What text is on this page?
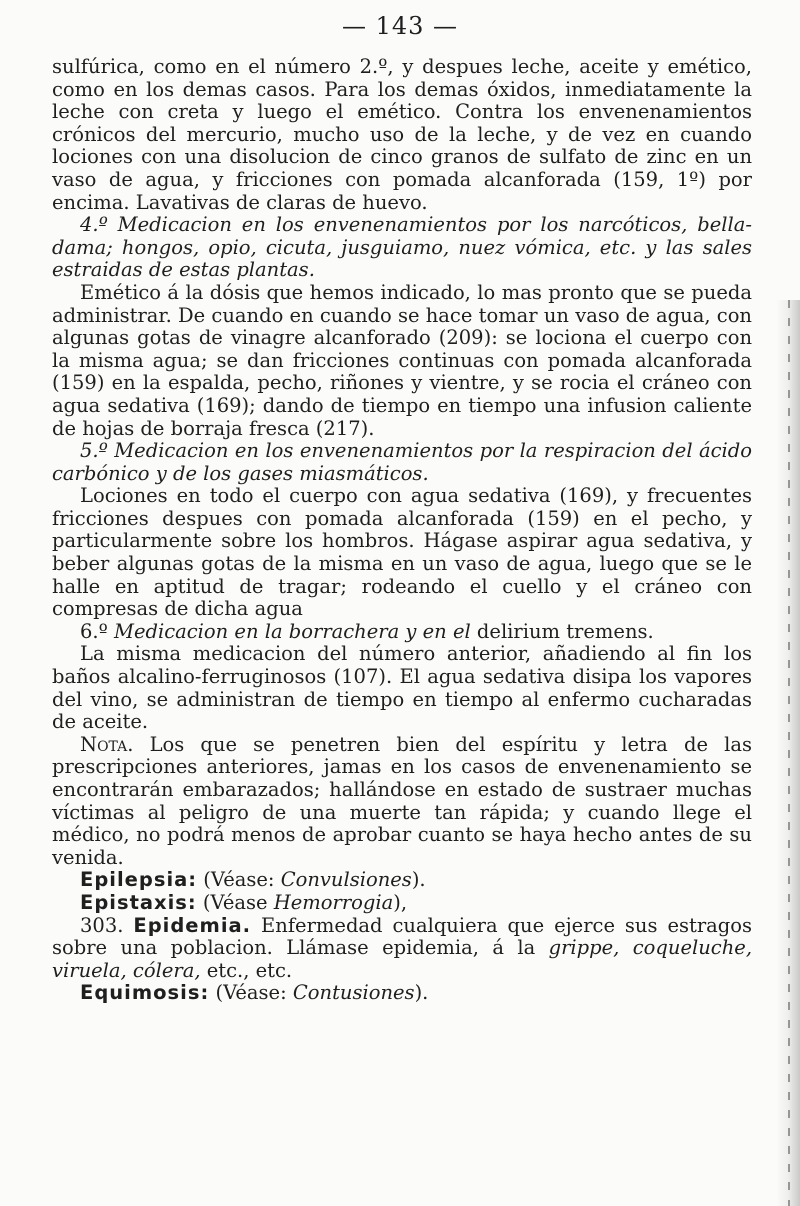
— 143 —

sulfúrica, como en el número 2.º, y despues leche, aceite y emético, como en los demas casos. Para los demas óxidos, inmediatamente la leche con creta y luego el emético. Contra los envenenamientos crónicos del mercurio, mucho uso de la leche, y de vez en cuando lociones con una disolucion de cinco granos de sulfato de zinc en un vaso de agua, y fricciones con pomada alcanforada (159, 1º) por encima. Lavativas de claras de huevo.

4.º Medicacion en los envenenamientos por los narcóticos, bella-dama; hongos, opio, cicuta, jusguiamo, nuez vómica, etc. y las sales estraidas de estas plantas.

Emético á la dósis que hemos indicado, lo mas pronto que se pueda administrar. De cuando en cuando se hace tomar un vaso de agua, con algunas gotas de vinagre alcanforado (209): se lociona el cuerpo con la misma agua; se dan fricciones continuas con pomada alcanforada (159) en la espalda, pecho, riñones y vientre, y se rocia el cráneo con agua sedativa (169); dando de tiempo en tiempo una infusion caliente de hojas de borraja fresca (217).

5.º Medicacion en los envenenamientos por la respiracion del ácido carbónico y de los gases miasmáticos.

Lociones en todo el cuerpo con agua sedativa (169), y frecuentes fricciones despues con pomada alcanforada (159) en el pecho, y particularmente sobre los hombros. Hágase aspirar agua sedativa, y beber algunas gotas de la misma en un vaso de agua, luego que se le halle en aptitud de tragar; rodeando el cuello y el cráneo con compresas de dicha agua

6.º Medicacion en la borrachera y en el delirium tremens.

La misma medicacion del número anterior, añadiendo al fin los baños alcalino-ferruginosos (107). El agua sedativa disipa los vapores del vino, se administran de tiempo en tiempo al enfermo cucharadas de aceite.

Nota. Los que se penetren bien del espíritu y letra de las prescripciones anteriores, jamas en los casos de envenenamiento se encontrarán embarazados; hallándose en estado de sustraer muchas víctimas al peligro de una muerte tan rápida; y cuando llege el médico, no podrá menos de aprobar cuanto se haya hecho antes de su venida.

Epilepsia: (Véase: Convulsiones).

Epistaxis: (Véase Hemorrogia),

303. Epidemia. Enfermedad cualquiera que ejerce sus estragos sobre una poblacion. Llámase epidemia, á la grippe, coqueluche, viruela, cólera, etc., etc.

Equimosis: (Véase: Contusiones).
